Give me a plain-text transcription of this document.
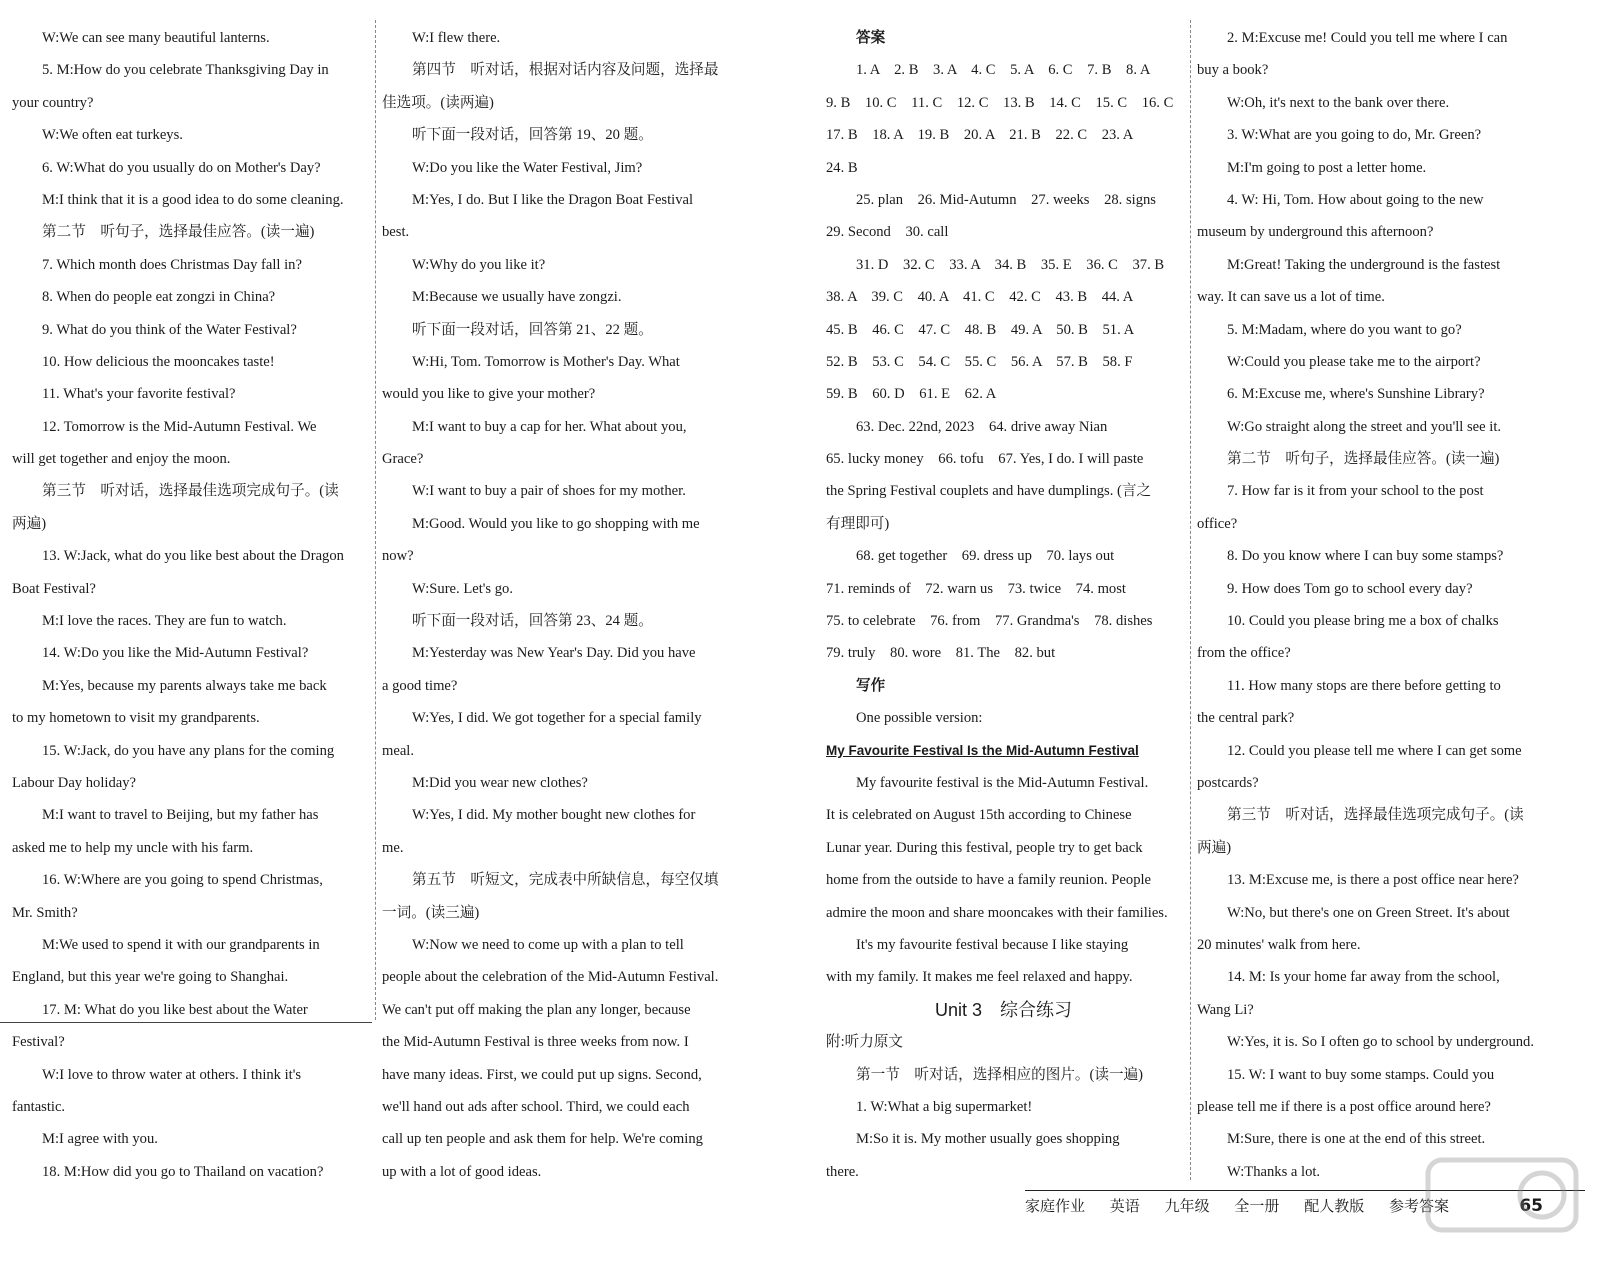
W:We can see many beautiful lanterns.
5. M:How do you celebrate Thanksgiving Day in
your country?
W:We often eat turkeys.
6. W:What do you usually do on Mother's Day?
M:I think that it is a good idea to do some cleaning.
第二节　听句子，选择最佳应答。(读一遍)
7. Which month does Christmas Day fall in?
8. When do people eat zongzi in China?
9. What do you think of the Water Festival?
10. How delicious the mooncakes taste!
11. What's your favorite festival?
12. Tomorrow is the Mid-Autumn Festival. We
will get together and enjoy the moon.
第三节　听对话，选择最佳选项完成句子。(读
两遍)
13. W:Jack, what do you like best about the Dragon
Boat Festival?
M:I love the races. They are fun to watch.
14. W:Do you like the Mid-Autumn Festival?
M:Yes, because my parents always take me back
to my hometown to visit my grandparents.
15. W:Jack, do you have any plans for the coming
Labour Day holiday?
M:I want to travel to Beijing, but my father has
asked me to help my uncle with his farm.
16. W:Where are you going to spend Christmas,
Mr. Smith?
M:We used to spend it with our grandparents in
England, but this year we're going to Shanghai.
17. M: What do you like best about the Water
Festival?
W:I love to throw water at others. I think it's
fantastic.
M:I agree with you.
18. M:How did you go to Thailand on vacation?
W:I flew there.
第四节　听对话，根据对话内容及问题，选择最
佳选项。(读两遍)
听下面一段对话，回答第 19、20 题。
W:Do you like the Water Festival, Jim?
M:Yes, I do. But I like the Dragon Boat Festival
best.
W:Why do you like it?
M:Because we usually have zongzi.
听下面一段对话，回答第 21、22 题。
W:Hi, Tom. Tomorrow is Mother's Day. What
would you like to give your mother?
M:I want to buy a cap for her. What about you,
Grace?
W:I want to buy a pair of shoes for my mother.
M:Good. Would you like to go shopping with me
now?
W:Sure. Let's go.
听下面一段对话，回答第 23、24 题。
M:Yesterday was New Year's Day. Did you have
a good time?
W:Yes, I did. We got together for a special family
meal.
M:Did you wear new clothes?
W:Yes, I did. My mother bought new clothes for
me.
第五节　听短文，完成表中所缺信息，每空仅填
一词。(读三遍)
W:Now we need to come up with a plan to tell
people about the celebration of the Mid-Autumn Festival.
We can't put off making the plan any longer, because
the Mid-Autumn Festival is three weeks from now. I
have many ideas. First, we could put up signs. Second,
we'll hand out ads after school. Third, we could each
call up ten people and ask them for help. We're coming
up with a lot of good ideas.
答案
1. A　2. B　3. A　4. C　5. A　6. C　7. B　8. A
9. B　10. C　11. C　12. C　13. B　14. C　15. C　16. C
17. B　18. A　19. B　20. A　21. B　22. C　23. A
24. B
25. plan　26. Mid-Autumn　27. weeks　28. signs
29. Second　30. call
31. D　32. C　33. A　34. B　35. E　36. C　37. B
38. A　39. C　40. A　41. C　42. C　43. B　44. A
45. B　46. C　47. C　48. B　49. A　50. B　51. A
52. B　53. C　54. C　55. C　56. A　57. B　58. F
59. B　60. D　61. E　62. A
63. Dec. 22nd, 2023　64. drive away Nian
65. lucky money　66. tofu　67. Yes, I do. I will paste
the Spring Festival couplets and have dumplings. (言之
有理即可)
68. get together　69. dress up　70. lays out
71. reminds of　72. warn us　73. twice　74. most
75. to celebrate　76. from　77. Grandma's　78. dishes
79. truly　80. wore　81. The　82. but
写作
One possible version:
My Favourite Festival Is the Mid-Autumn Festival
My favourite festival is the Mid-Autumn Festival.
It is celebrated on August 15th according to Chinese
Lunar year. During this festival, people try to get back
home from the outside to have a family reunion. People
admire the moon and share mooncakes with their families.
It's my favourite festival because I like staying
with my family. It makes me feel relaxed and happy.
Unit 3　综合练习
附:听力原文
第一节　听对话，选择相应的图片。(读一遍)
1. W:What a big supermarket!
M:So it is. My mother usually goes shopping
there.
2. M:Excuse me! Could you tell me where I can
buy a book?
W:Oh, it's next to the bank over there.
3. W:What are you going to do, Mr. Green?
M:I'm going to post a letter home.
4. W: Hi, Tom. How about going to the new
museum by underground this afternoon?
M:Great! Taking the underground is the fastest
way. It can save us a lot of time.
5. M:Madam, where do you want to go?
W:Could you please take me to the airport?
6. M:Excuse me, where's Sunshine Library?
W:Go straight along the street and you'll see it.
第二节　听句子，选择最佳应答。(读一遍)
7. How far is it from your school to the post
office?
8. Do you know where I can buy some stamps?
9. How does Tom go to school every day?
10. Could you please bring me a box of chalks
from the office?
11. How many stops are there before getting to
the central park?
12. Could you please tell me where I can get some
postcards?
第三节　听对话，选择最佳选项完成句子。(读
两遍)
13. M:Excuse me, is there a post office near here?
W:No, but there's one on Green Street. It's about
20 minutes' walk from here.
14. M: Is your home far away from the school,
Wang Li?
W:Yes, it is. So I often go to school by underground.
15. W: I want to buy some stamps. Could you
please tell me if there is a post office around here?
M:Sure, there is one at the end of this street.
W:Thanks a lot.
家庭作业 英语 九年级 全一册 配人教版 参考答案	65
